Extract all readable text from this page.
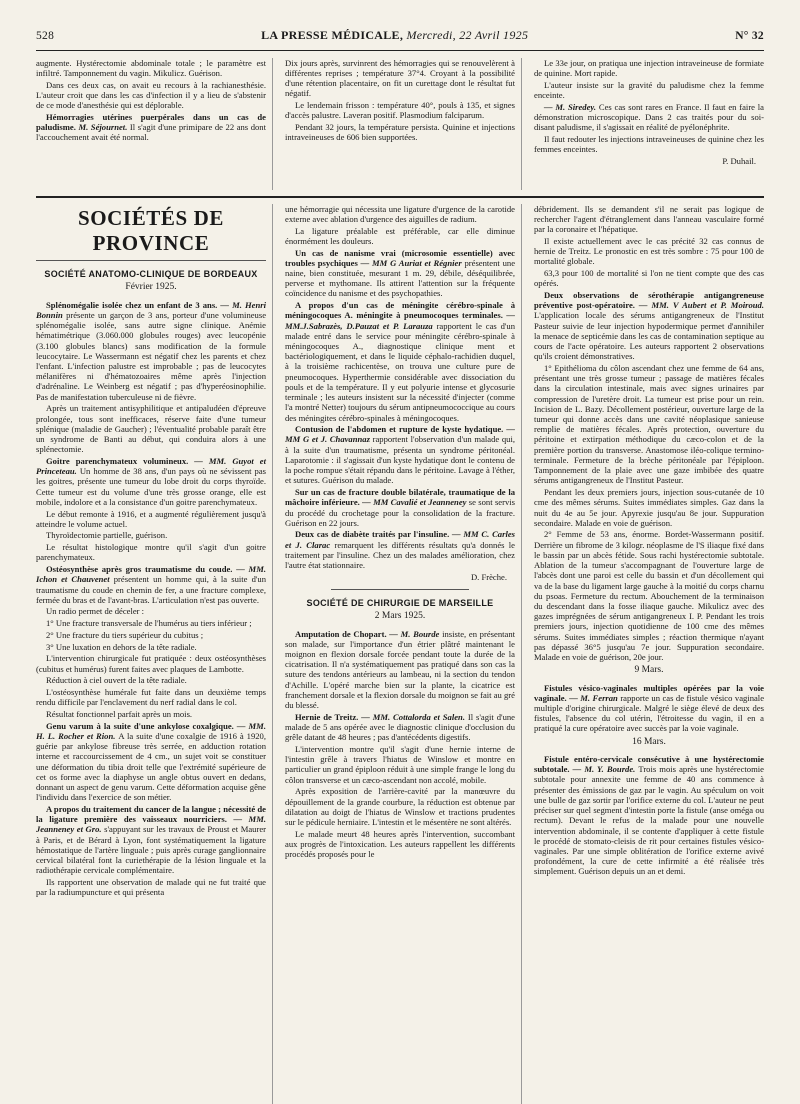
528	LA PRESSE MÉDICALE, Mercredi, 22 Avril 1925	N° 32

augmente. Hystérectomie abdominale totale ; le paramètre est infiltré. Tamponnement du vagin. Mikulicz. Guérison.

Dans ces deux cas, on avait eu recours à la rachianesthésie. L'auteur croit que dans les cas d'infection il y a lieu de s'abstenir de ce mode d'anesthésie qui est déplorable.

Hémorragies utérines puerpérales dans un cas de paludisme. M. Séjournet. Il s'agit d'une primipare de 22 ans dont l'accouchement avait été normal.

Dix jours après, survinrent des hémorragies qui se renouvelèrent à différentes reprises ; température 37°4. Croyant à la possibilité d'une rétention placentaire, on fit un curettage dont le résultat fut négatif.

Le lendemain frisson : température 40°, pouls à 135, et signes d'accès palustre. Laveran positif. Plasmodium falciparum.

Pendant 32 jours, la température persista. Quinine et injections intraveineuses de 606 bien supportées.

Le 33e jour, on pratiqua une injection intraveineuse de formiate de quinine. Mort rapide.

L'auteur insiste sur la gravité du paludisme chez la femme enceinte.

— M. Siredey. Ces cas sont rares en France. Il faut en faire la démonstration microscopique. Dans 2 cas traités pour du soi-disant paludisme, il s'agissait en réalité de pyélonéphrite.

Il faut redouter les injections intraveineuses de quinine chez les femmes enceintes.

P. Duhail.
SOCIÉTÉS DE PROVINCE
SOCIÉTÉ ANATOMO-CLINIQUE DE BORDEAUX
Février 1925.

Splénomégalie isolée chez un enfant de 3 ans. — M. Henri Bonnin présente un garçon de 3 ans, porteur d'une volumineuse splénomégalie isolée, sans autre signe clinique. Anémie hématimétrique (3.060.000 globules rouges) avec leucopénie (3.100 globules blancs) sans modification de la formule leucocytaire. Le Wassermann est négatif chez les parents et chez l'enfant. L'infection palustre est improbable ; pas de leucocytes mélanifères ni d'hématozoaires même après l'injection d'adrénaline. Le Weinberg est négatif ; pas d'hyperéosinophilie. Pas de manifestation tuberculeuse ni de fièvre.

Après un traitement antisyphilitique et antipaludéen d'épreuve prolongée, tous sont inefficaces, réserve faite d'une tumeur splénique (maladie de Gaucher) ; l'éventualité probable paraît être un syndrome de Banti au début, qui conduira alors à une splénectomie.

Goitre parenchymateux volumineux. — MM. Guyot et Princeteau. Un homme de 38 ans, d'un pays où ne sévissent pas les goitres, présente une tumeur du lobe droit du corps thyroïde. Cette tumeur est du volume d'une très grosse orange, elle est mobile, indolore et a la consistance d'un goitre parenchymateux.

Le début remonte à 1916, et a augmenté régulièrement jusqu'à atteindre le volume actuel.

Thyroïdectomie partielle, guérison.

Le résultat histologique montre qu'il s'agit d'un goitre parenchymateux.

Ostéosynthèse après gros traumatisme du coude. — MM. Ichon et Chauvenet présentent un homme qui, à la suite d'un traumatisme du coude en chemin de fer, a une fracture complexe, fermée du bras et de l'avant-bras. L'articulation n'est pas ouverte.

Un radio permet de déceler :

1° Une fracture transversale de l'humérus au tiers inférieur ;

2° Une fracture du tiers supérieur du cubitus ;

3° Une luxation en dehors de la tête radiale.

L'intervention chirurgicale fut pratiquée : deux ostéosynthèses (cubitus et humérus) furent faites avec plaques de Lambotte.

Réduction à ciel ouvert de la tête radiale.

L'ostéosynthèse humérale fut faite dans un deuxième temps rendu difficile par l'enclavement du nerf radial dans le col.

Résultat fonctionnel parfait après un mois.

Genu varum à la suite d'une ankylose coxalgique. — MM. H. L. Rocher et Rion. A la suite d'une coxalgie de 1916 à 1920, guérie par ankylose fibreuse très serrée, en adduction rotation interne et raccourcissement de 4 cm., un sujet voit se constituer une déformation du tibia droit telle que l'extrémité supérieure de cet os forme avec la diaphyse un angle obtus ouvert en dedans, donnant un aspect de genu varum. Cette déformation acquise gêne l'individu dans l'exercice de son métier.

A propos du traitement du cancer de la langue ; nécessité de la ligature première des vaisseaux nourriciers. — MM. Jeanneney et Gro. s'appuyant sur les travaux de Proust et Maurer à Paris, et de Bérard à Lyon, font systématiquement la ligature hémostatique de l'artère linguale ; puis après curage ganglionnaire cervical bilatéral font la curiethérapie de la lésion linguale et la radiothérapie cervicale complémentaire.

Ils rapportent une observation de malade qui ne fut traité que par la radiumpuncture et qui présenta

une hémorragie qui nécessita une ligature d'urgence de la carotide externe avec ablation d'urgence des aiguilles de radium.

La ligature préalable est préférable, car elle diminue énormément les douleurs.

Un cas de nanisme vrai (microsomie essentielle) avec troubles psychiques — MM G Auriat et Régnier présentent une naine, bien constituée, mesurant 1 m. 29, débile, déséquilibrée, perverse et mythomane. Ils attirent l'attention sur la fréquente coïncidence du nanisme et des psychopathies.

A propos d'un cas de méningite cérébro-spinale à méningocoques A. méningite à pneumocoques terminales. — MM.J.Sabrazès, D.Pauzat et P. Larauza rapportent le cas d'un malade entré dans le service pour méningite cérébro-spinale à méningocoques A., diagnostique clinique ment et bactériologiquement, et dans le liquide céphalo-rachidien duquel, à la troisième rachicentèse, on trouva une culture pure de pneumocoques. Hyperthermie considérable avec dissociation du pouls et de la température. Il y eut polyurie intense et glycosurie terminale ; les auteurs insistent sur la nécessité d'injecter (comme l'a montré Netter) toujours du sérum antipneumococcique au cours des méningites cérébro-spinales à méningocoques.

Contusion de l'abdomen et rupture de kyste hydatique. — MM G et J. Chavannaz rapportent l'observation d'un malade qui, à la suite d'un traumatisme, présenta un syndrome péritonéal. Laparotomie : il s'agissait d'un kyste hydatique dont le contenu de la poche rompue s'était répandu dans le péritoine. Lavage à l'éther, et sutures. Guérison du malade.

Sur un cas de fracture double bilatérale, traumatique de la mâchoire inférieure. — MM Cavalié et Jeanneney se sont servis du procédé du crochetage pour la consolidation de la fracture. Guérison en 22 jours.

Deux cas de diabète traités par l'insuline. — MM C. Carles et J. Clarac remarquent les différents résultats qu'a donnés le traitement par l'insuline. Chez un des malades amélioration, chez l'autre état stationnaire.

D. Frèche.
SOCIÉTÉ DE CHIRURGIE DE MARSEILLE
2 Mars 1925.

Amputation de Chopart. — M. Bourde insiste, en présentant son malade, sur l'importance d'un étrier plâtré maintenant le moignon en flexion dorsale forcée pendant toute la durée de la cicatrisation. Il n'a systématiquement pas pratiqué dans son cas la suture des tendons antérieurs au lambeau, ni la section du tendon d'Achille. L'opéré marche bien sur la plante, la cicatrice est franchement dorsale et la flexion dorsale du moignon se fait au gré du blessé.

Hernie de Treitz. — MM. Cottalorda et Salen. Il s'agit d'une malade de 5 ans opérée avec le diagnostic clinique d'occlusion du grêle datant de 48 heures ; pas d'antécédents digestifs.

L'intervention montre qu'il s'agit d'une hernie interne de l'intestin grêle à travers l'hiatus de Winslow et montre en particulier un grand épiploon réduit à une simple frange le long du côlon transverse et un cæco-ascendant non accolé, mobile.

Après exposition de l'arrière-cavité par la manœuvre du dépouillement de la grande courbure, la réduction est obtenue par dilatation au doigt de l'hiatus de Winslow et tractions prudentes sur le pédicule herniaire. L'intestin et le mésentère ne sont altérés.

Le malade meurt 48 heures après l'intervention, succombant aux progrès de l'intoxication. Les auteurs rappellent les différents procédés proposés pour le

débridement. Ils se demandent s'il ne serait pas logique de rechercher l'agent d'étranglement dans l'anneau vasculaire formé par la coronaire et l'hépatique.

Il existe actuellement avec le cas précité 32 cas connus de hernie de Treitz. Le pronostic en est très sombre : 75 pour 100 de mortalité globale.

63,3 pour 100 de mortalité si l'on ne tient compte que des cas opérés.

Deux observations de sérothérapie antigangreneuse préventive post-opératoire. — MM. V Aubert et P. Moiroud. L'application locale des sérums antigangreneux de l'Institut Pasteur suivie de leur injection hypodermique permet d'annihiler la menace de septicémie dans les cas de contamination septique au cours de l'acte opératoire. Les auteurs rapportent 2 observations qu'ils croient démonstratives.

1° Epithélioma du côlon ascendant chez une femme de 64 ans, présentant une très grosse tumeur ; passage de matières fécales dans la circulation intestinale, mais avec signes urinaires par compression de l'uretère droit. La tumeur est prise pour un rein. Incision de L. Bazy. Décollement postérieur, ouverture large de la tumeur qui donne accès dans une cavité néoplasique sanieuse remplie de matières fécales. Après protection, ouverture du péritoine et extirpation méthodique du cæco-colon et de la première portion du transverse. Anastomose iléo-colique termino-terminale. Fermeture de la brèche péritonéale par l'épiploon. Tamponnement de la plaie avec une gaze imbibée des quatre sérums antigangreneux de l'Institut Pasteur.

Pendant les deux premiers jours, injection sous-cutanée de 10 cme des mêmes sérums. Suites immédiates simples. Gaz dans la nuit du 4e au 5e jour. Apyrexie jusqu'au 8e jour. Suppuration secondaire. Malade en voie de guérison.

2° Femme de 53 ans, énorme. Bordet-Wassermann positif. Derrière un fibrome de 3 kilogr. néoplasme de l'S iliaque fixé dans le bassin par un abcès fétide. Sous rachi hystérectomie subtotale. Ablation de la tumeur s'accompagnant de l'ouverture large de l'abcès dont une paroi est celle du bassin et d'un décollement qui va de la base du ligament large gauche à la moitié du corps charnu du psoas. Fermeture du rectum. Abouchement de la terminaison du descendant dans la fosse iliaque gauche. Mikulicz avec des gazes imprégnées de sérum antigangreneux I. P. Pendant les trois premiers jours, injection quotidienne de 100 cme des mêmes sérums. Suites immédiates simples ; réaction thermique n'ayant pas dépassé 36°5 jusqu'au 7e jour. Suppuration secondaire. Malade en voie de guérison, 20e jour.

9 Mars.

Fistules vésico-vaginales multiples opérées par la voie vaginale. — M. Ferran rapporte un cas de fistule vésico vaginale multiple d'origine chirurgicale. Malgré le siège élevé de deux des fistules, l'absence du col utérin, l'étroitesse du vagin, il en a pratiqué la cure opératoire avec succès par la voie vaginale.

16 Mars.

Fistule entéro-cervicale consécutive à une hystérectomie subtotale. — M. Y. Bourde. Trois mois après une hystérectomie subtotale pour annexite une femme de 40 ans commence à présenter des émissions de gaz par le vagin. Au spéculum on voit une bulle de gaz sortir par l'orifice externe du col. L'auteur ne peut préciser sur quel segment d'intestin porte la fistule (anse oméga ou rectum). Devant le refus de la malade pour une nouvelle intervention abdominale, il se contente d'appliquer à cette fistule le procédé de stomato-cleisis de rit pour certaines fistules vésico-vaginales. Par une simple oblitération de l'orifice externe avivé profondément, la cure de cette infirmité a été réalisée très simplement. Guérison depuis un an et demi.
